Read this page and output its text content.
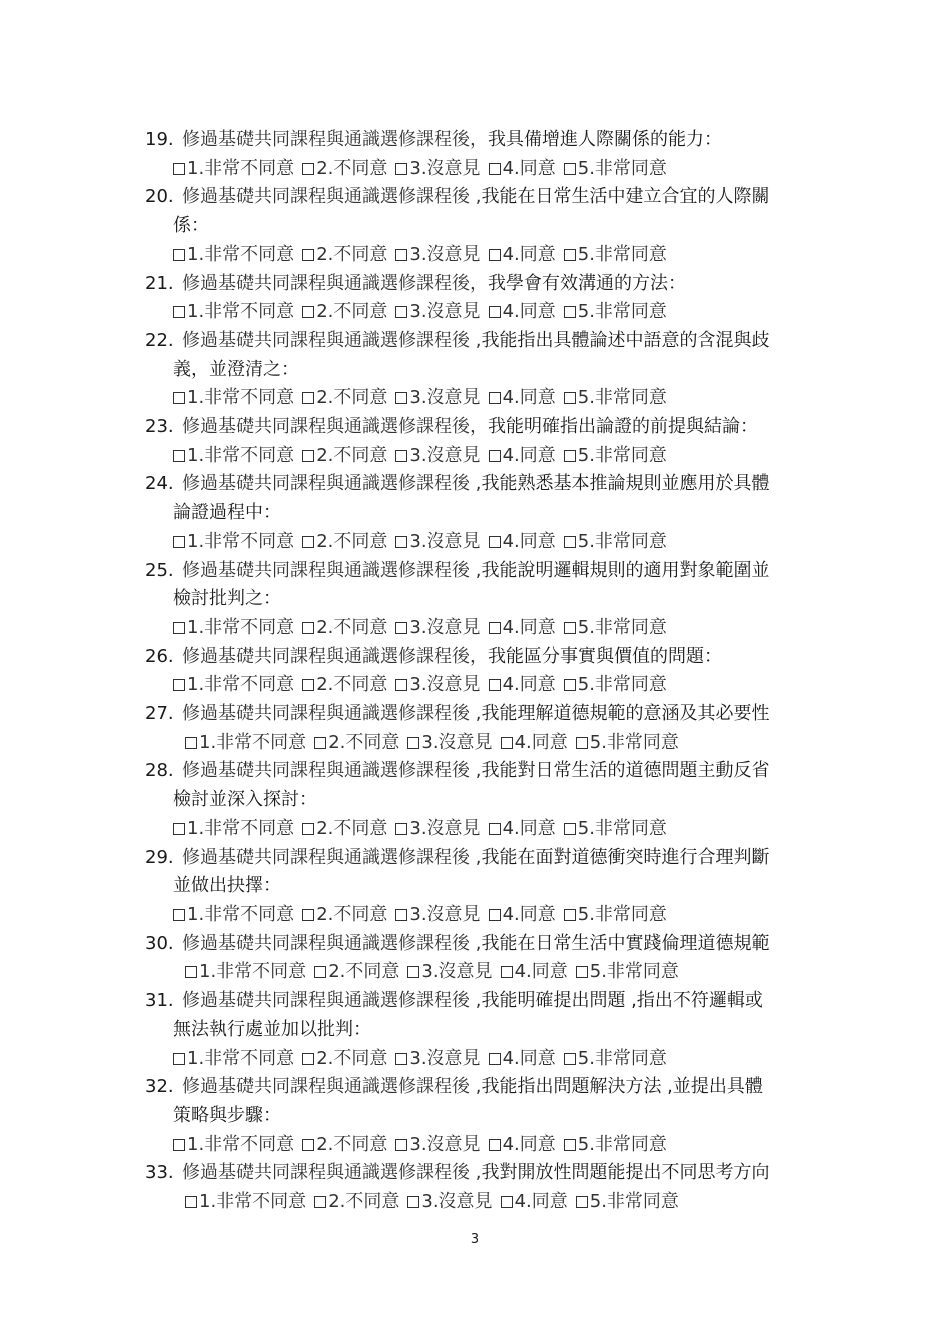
19. 修過基礎共同課程與通識選修課程後，我具備增進人際關係的能力：
1.非常不同意 2.不同意 3.沒意見 4.同意 5.非常同意
20. 修過基礎共同課程與通識選修課程後 ,我能在日常生活中建立合宜的人際關
係：
1.非常不同意 2.不同意 3.沒意見 4.同意 5.非常同意
21. 修過基礎共同課程與通識選修課程後，我學會有效溝通的方法：
1.非常不同意 2.不同意 3.沒意見 4.同意 5.非常同意
22. 修過基礎共同課程與通識選修課程後 ,我能指出具體論述中語意的含混與歧
義，並澄清之：
1.非常不同意 2.不同意 3.沒意見 4.同意 5.非常同意
23. 修過基礎共同課程與通識選修課程後，我能明確指出論證的前提與結論：
1.非常不同意 2.不同意 3.沒意見 4.同意 5.非常同意
24. 修過基礎共同課程與通識選修課程後 ,我能熟悉基本推論規則並應用於具體
論證過程中：
1.非常不同意 2.不同意 3.沒意見 4.同意 5.非常同意
25. 修過基礎共同課程與通識選修課程後 ,我能說明邏輯規則的適用對象範圍並
檢討批判之：
1.非常不同意 2.不同意 3.沒意見 4.同意 5.非常同意
26. 修過基礎共同課程與通識選修課程後，我能區分事實與價值的問題：
1.非常不同意 2.不同意 3.沒意見 4.同意 5.非常同意
27. 修過基礎共同課程與通識選修課程後 ,我能理解道德規範的意涵及其必要性
1.非常不同意 2.不同意 3.沒意見 4.同意 5.非常同意
28. 修過基礎共同課程與通識選修課程後 ,我能對日常生活的道德問題主動反省
檢討並深入探討：
1.非常不同意 2.不同意 3.沒意見 4.同意 5.非常同意
29. 修過基礎共同課程與通識選修課程後 ,我能在面對道德衝突時進行合理判斷
並做出抉擇：
1.非常不同意 2.不同意 3.沒意見 4.同意 5.非常同意
30. 修過基礎共同課程與通識選修課程後 ,我能在日常生活中實踐倫理道德規範
1.非常不同意 2.不同意 3.沒意見 4.同意 5.非常同意
31. 修過基礎共同課程與通識選修課程後 ,我能明確提出問題 ,指出不符邏輯或
無法執行處並加以批判：
1.非常不同意 2.不同意 3.沒意見 4.同意 5.非常同意
32. 修過基礎共同課程與通識選修課程後 ,我能指出問題解決方法 ,並提出具體
策略與步驟：
1.非常不同意 2.不同意 3.沒意見 4.同意 5.非常同意
33. 修過基礎共同課程與通識選修課程後 ,我對開放性問題能提出不同思考方向
1.非常不同意 2.不同意 3.沒意見 4.同意 5.非常同意
3
